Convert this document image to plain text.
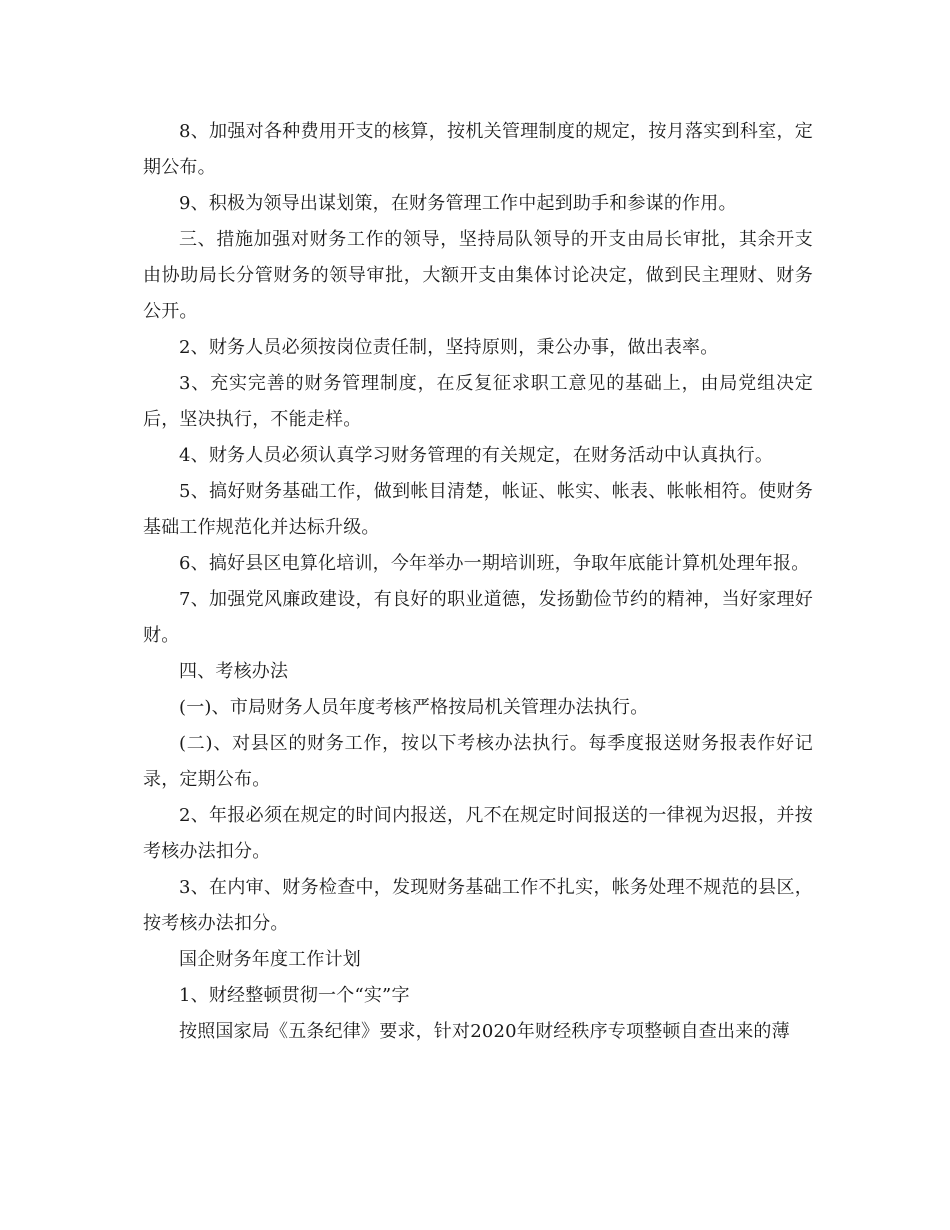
8、加强对各种费用开支的核算，按机关管理制度的规定，按月落实到科室，定期公布。

9、积极为领导出谋划策，在财务管理工作中起到助手和参谋的作用。

三、措施加强对财务工作的领导，坚持局队领导的开支由局长审批，其余开支由协助局长分管财务的领导审批，大额开支由集体讨论决定，做到民主理财、财务公开。

2、财务人员必须按岗位责任制，坚持原则，秉公办事，做出表率。

3、充实完善的财务管理制度，在反复征求职工意见的基础上，由局党组决定后，坚决执行，不能走样。

4、财务人员必须认真学习财务管理的有关规定，在财务活动中认真执行。

5、搞好财务基础工作，做到帐目清楚，帐证、帐实、帐表、帐帐相符。使财务基础工作规范化并达标升级。

6、搞好县区电算化培训，今年举办一期培训班，争取年底能计算机处理年报。

7、加强党风廉政建设，有良好的职业道德，发扬勤俭节约的精神，当好家理好财。

四、考核办法

(一)、市局财务人员年度考核严格按局机关管理办法执行。

(二)、对县区的财务工作，按以下考核办法执行。每季度报送财务报表作好记录，定期公布。

2、年报必须在规定的时间内报送，凡不在规定时间报送的一律视为迟报，并按考核办法扣分。

3、在内审、财务检查中，发现财务基础工作不扎实，帐务处理不规范的县区，按考核办法扣分。

国企财务年度工作计划

1、财经整顿贯彻一个“实”字

按照国家局《五条纪律》要求，针对2020年财经秩序专项整顿自查出来的薄
